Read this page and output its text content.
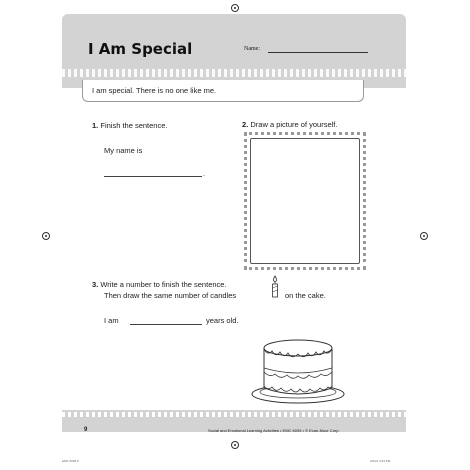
I Am Special	Name:
I am special. There is no one like me.
1. Finish the sentence.
My name is
.
2. Draw a picture of yourself.
3. Write a number to finish the sentence.
Then draw the same number of candles	on the cake.
I am	years old.
9	Social and Emotional Learning Activities • EMC 6095 • © Evan-Moor Corp.
EMC 6095 9	3/4/21 3:54 PM
